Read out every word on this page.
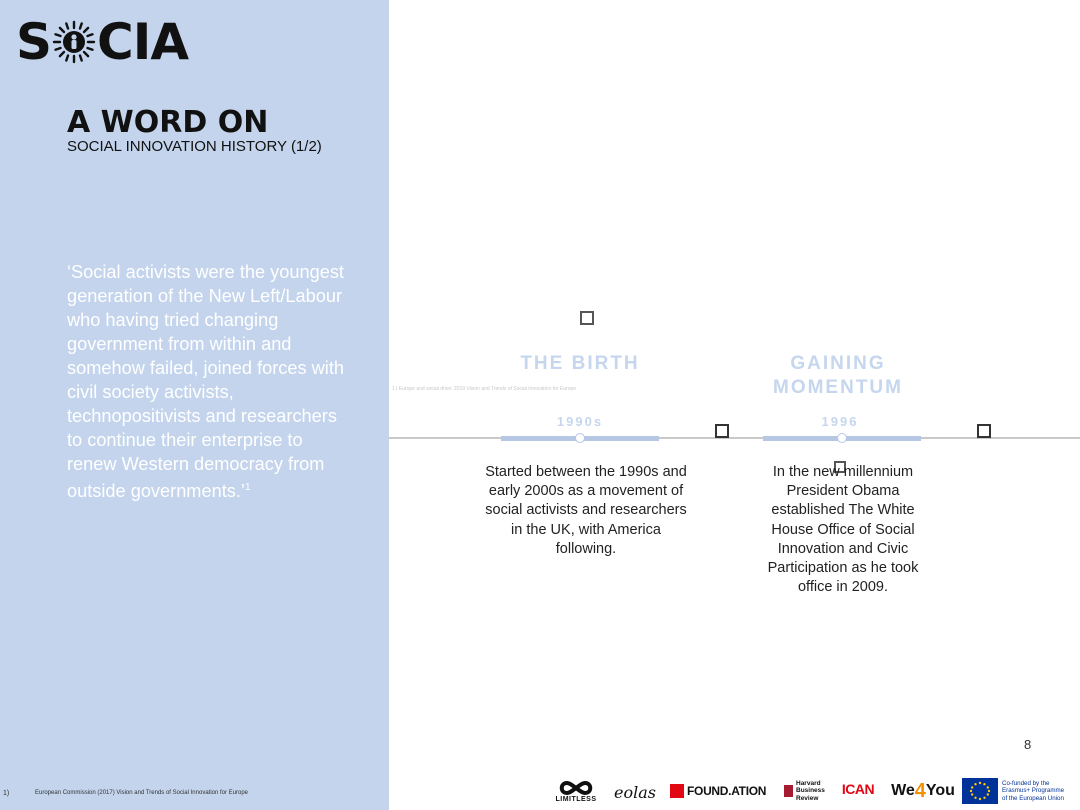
S CIA
A WORD ON
SOCIAL INNOVATION HISTORY (1/2)

‘Social activists were the youngest generation of the New Left/Labour who having tried changing government from within and somehow failed, joined forces with civil society activists, technopositivists and researchers to continue their enterprise to renew Western democracy from outside governments.’$^1$

1)	European Commission (2017) Vision and Trends of Social Innovation for Europe
THE BIRTH	GAINING MOMENTUM
1 | Europe and social drive: 2019 Vision and Trends of Social Innovation for Europe
1990s	1996
Started between the 1990s and early 2000s as a movement of social activists and researchers in the UK, with America following.
In the new millennium President Obama established The White House Office of Social Innovation and Civic Participation as he took office in 2009.
8
LIMITLESS eolas	FOUND.ATION
Harvard
Business
Review
ICAN We 4 You	Co-funded by the
Erasmus+ Programme
of the European Union
